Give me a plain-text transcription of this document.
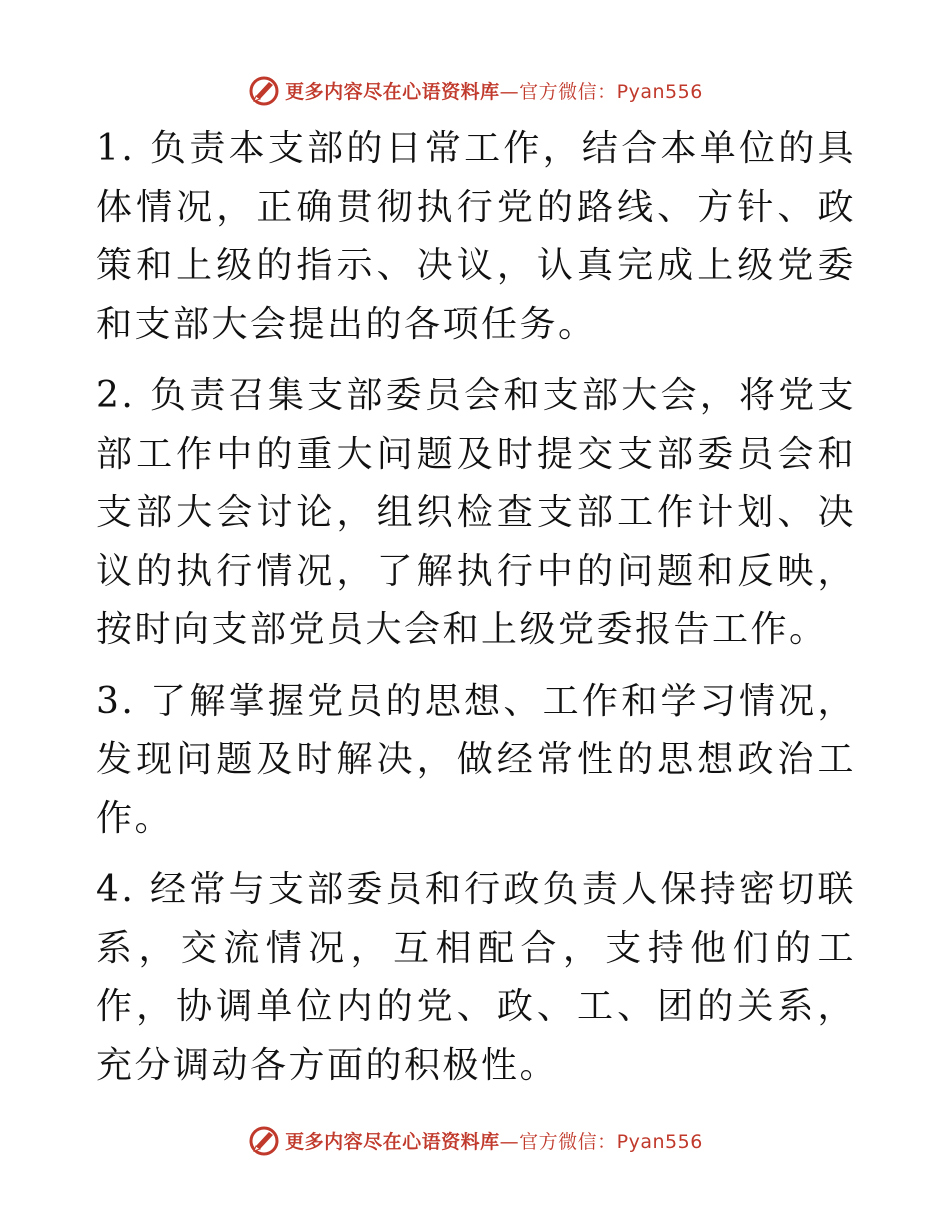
更多内容尽在心语资料库—官方微信：Pyan556

1. 负责本支部的日常工作，结合本单位的具体情况，正确贯彻执行党的路线、方针、政策和上级的指示、决议，认真完成上级党委和支部大会提出的各项任务。

2. 负责召集支部委员会和支部大会，将党支部工作中的重大问题及时提交支部委员会和支部大会讨论，组织检查支部工作计划、决议的执行情况，了解执行中的问题和反映，按时向支部党员大会和上级党委报告工作。

3. 了解掌握党员的思想、工作和学习情况，发现问题及时解决，做经常性的思想政治工作。

4. 经常与支部委员和行政负责人保持密切联系，交流情况，互相配合，支持他们的工作，协调单位内的党、政、工、团的关系，充分调动各方面的积极性。

更多内容尽在心语资料库—官方微信：Pyan556
